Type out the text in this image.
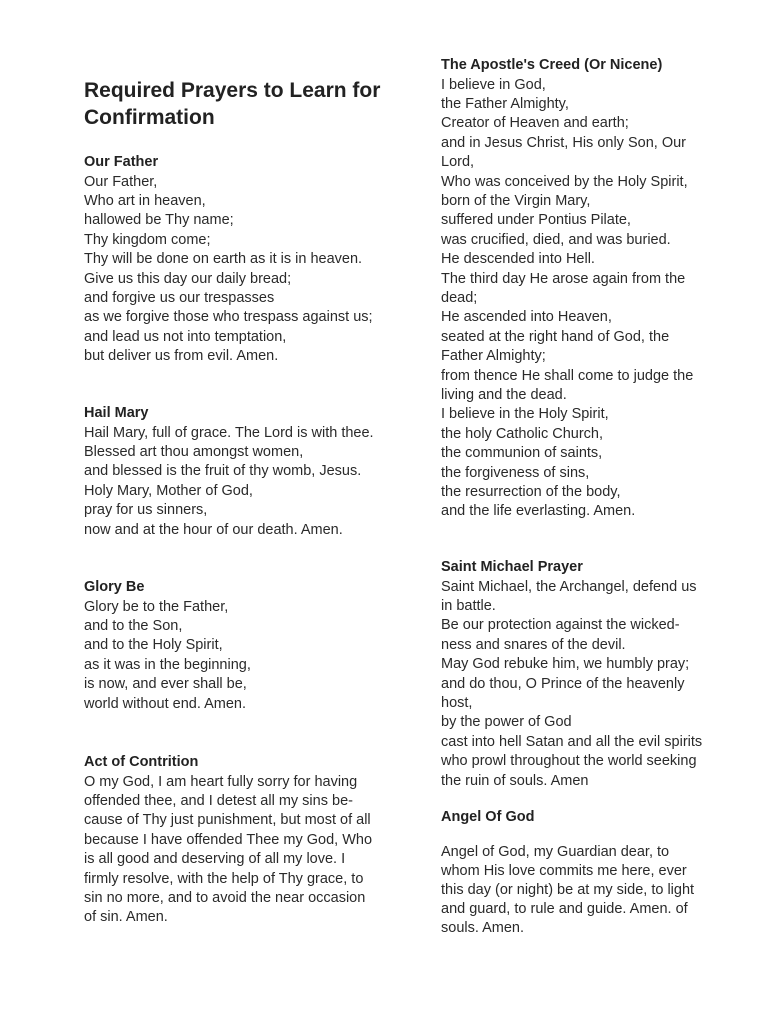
Required Prayers to Learn for
Confirmation
Our Father
Our Father,
Who art in heaven,
hallowed be Thy name;
Thy kingdom come;
Thy will be done on earth as it is in heaven.
Give us this day our daily bread;
and forgive us our trespasses
as we forgive those who trespass against us;
and lead us not into temptation,
but deliver us from evil. Amen.
Hail Mary
Hail Mary, full of grace. The Lord is with thee.
Blessed art thou amongst women,
and blessed is the fruit of thy womb, Jesus.
Holy Mary, Mother of God,
pray for us sinners,
now and at the hour of our death. Amen.
Glory Be
Glory be to the Father,
and to the Son,
and to the Holy Spirit,
as it was in the beginning,
is now, and ever shall be,
world without end. Amen.
Act of Contrition
O my God, I am heart fully sorry for having
offended thee, and I detest all my sins be-
cause of Thy just punishment, but most of all
because I have offended Thee my God, Who
is all good and deserving of all my love. I
firmly resolve, with the help of Thy grace, to
sin no more, and to avoid the near occasion
of sin. Amen.
The Apostle's Creed (Or Nicene)
I believe in God,
the Father Almighty,
Creator of Heaven and earth;
and in Jesus Christ, His only Son, Our
Lord,
Who was conceived by the Holy Spirit,
born of the Virgin Mary,
suffered under Pontius Pilate,
was crucified, died, and was buried.
He descended into Hell.
The third day He arose again from the
dead;
He ascended into Heaven,
seated at the right hand of God, the
Father Almighty;
from thence He shall come to judge the
living and the dead.
I believe in the Holy Spirit,
the holy Catholic Church,
the communion of saints,
the forgiveness of sins,
the resurrection of the body,
and the life everlasting. Amen.
Saint Michael Prayer
Saint Michael, the Archangel, defend us
in battle.
Be our protection against the wicked-
ness and snares of the devil.
May God rebuke him, we humbly pray;
and do thou, O Prince of the heavenly
host,
by the power of God
cast into hell Satan and all the evil spirits
who prowl throughout the world seeking
the ruin of souls. Amen
Angel Of God
Angel of God, my Guardian dear, to
whom His love commits me here, ever
this day (or night) be at my side, to light
and guard, to rule and guide. Amen. of
souls. Amen.
